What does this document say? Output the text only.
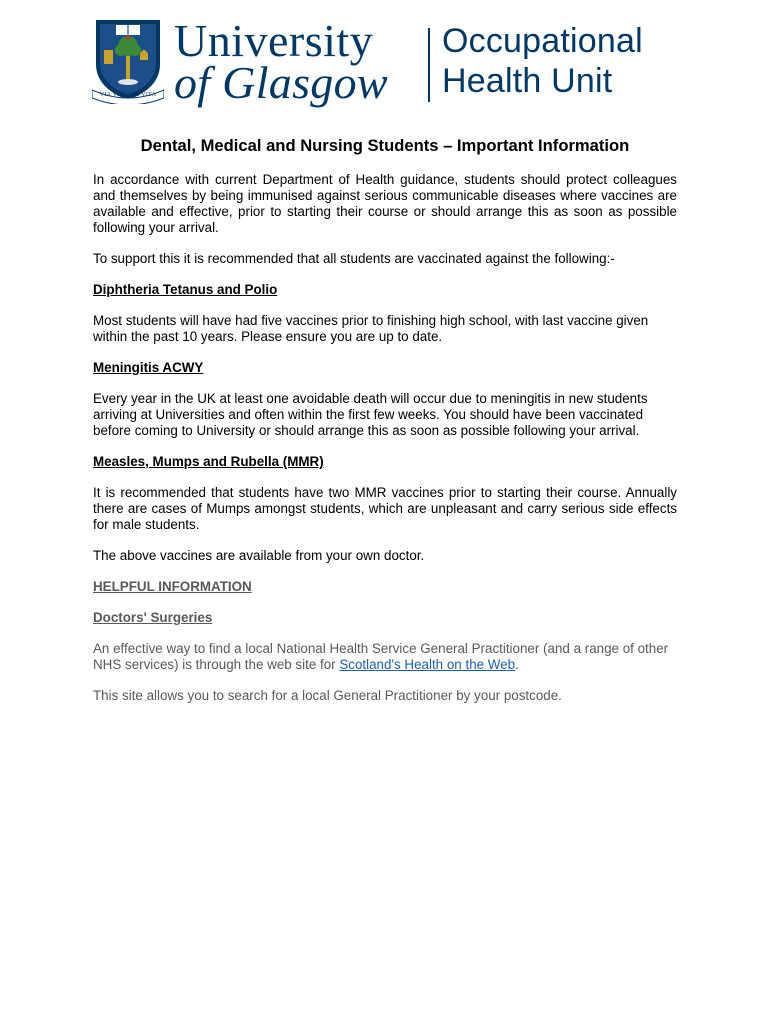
VIA VERITAS VITA
University
of Glasgow
Occupational
Health Unit
Dental, Medical and Nursing Students – Important Information

In accordance with current Department of Health guidance, students should protect colleagues and themselves by being immunised against serious communicable diseases where vaccines are available and effective, prior to starting their course or should arrange this as soon as possible following your arrival.

To support this it is recommended that all students are vaccinated against the following:-

Diphtheria Tetanus and Polio

Most students will have had five vaccines prior to finishing high school, with last vaccine given within the past 10 years. Please ensure you are up to date.

Meningitis ACWY

Every year in the UK at least one avoidable death will occur due to meningitis in new students arriving at Universities and often within the first few weeks. You should have been vaccinated before coming to University or should arrange this as soon as possible following your arrival.

Measles, Mumps and Rubella (MMR)

It is recommended that students have two MMR vaccines prior to starting their course. Annually there are cases of Mumps amongst students, which are unpleasant and carry serious side effects for male students.

The above vaccines are available from your own doctor.

HELPFUL INFORMATION
Doctors' Surgeries

An effective way to find a local National Health Service General Practitioner (and a range of other NHS services) is through the web site for Scotland's Health on the Web.

This site allows you to search for a local General Practitioner by your postcode.
